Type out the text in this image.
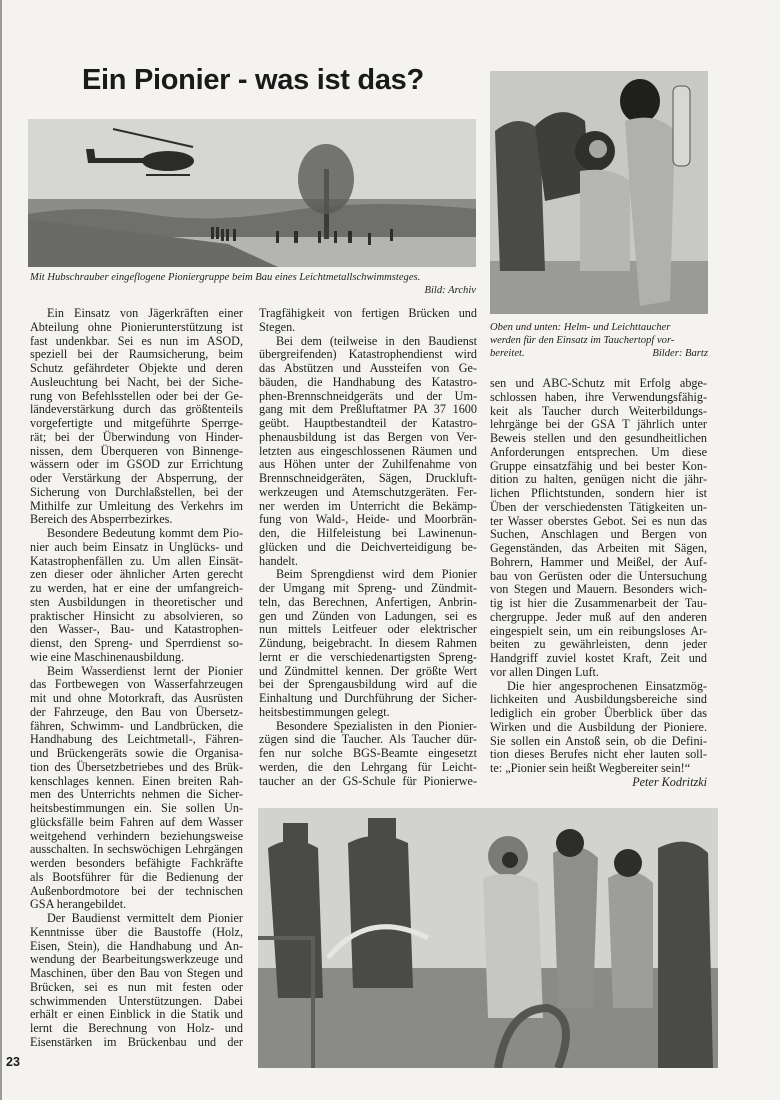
Ein Pionier - was ist das?
Mit Hubschrauber eingeflogene Pioniergruppe beim Bau eines Leichtmetallschwimmsteges.
Bild: Archiv
Oben und unten: Helm- und Leichttaucher
werden für den Einsatz im Tauchertopf vor-
bereitet.	Bilder: Bartz
Ein Einsatz von Jägerkräften einer
Abteilung ohne Pionierunterstützung ist
fast undenkbar. Sei es nun im ASOD,
speziell bei der Raumsicherung, beim
Schutz gefährdeter Objekte und deren
Ausleuchtung bei Nacht, bei der Siche-
rung von Befehlsstellen oder bei der Ge-
ländeverstärkung durch das größtenteils
vorgefertigte und mitgeführte Sperrge-
rät; bei der Überwindung von Hinder-
nissen, dem Überqueren von Binnenge-
wässern oder im GSOD zur Errichtung
oder Verstärkung der Absperrung, der
Sicherung von Durchlaßstellen, bei der
Mithilfe zur Umleitung des Verkehrs im
Bereich des Absperrbezirkes.
Besondere Bedeutung kommt dem Pio-
nier auch beim Einsatz in Unglücks- und
Katastrophenfällen zu. Um allen Einsät-
zen dieser oder ähnlicher Arten gerecht
zu werden, hat er eine der umfangreich-
sten Ausbildungen in theoretischer und
praktischer Hinsicht zu absolvieren, so
den Wasser-, Bau- und Katastrophen-
dienst, den Spreng- und Sperrdienst so-
wie eine Maschinenausbildung.
Beim Wasserdienst lernt der Pionier
das Fortbewegen von Wasserfahrzeugen
mit und ohne Motorkraft, das Ausrüsten
der Fahrzeuge, den Bau von Übersetz-
fähren, Schwimm- und Landbrücken, die
Handhabung des Leichtmetall-, Fähren-
und Brückengeräts sowie die Organisa-
tion des Übersetzbetriebes und des Brük-
kenschlages kennen. Einen breiten Rah-
men des Unterrichts nehmen die Sicher-
heitsbestimmungen ein. Sie sollen Un-
glücksfälle beim Fahren auf dem Wasser
weitgehend verhindern beziehungsweise
ausschalten. In sechswöchigen Lehrgängen
werden besonders befähigte Fachkräfte
als Bootsführer für die Bedienung der
Außenbordmotore bei der technischen
GSA herangebildet.
Der Baudienst vermittelt dem Pionier
Kenntnisse über die Baustoffe (Holz,
Eisen, Stein), die Handhabung und An-
wendung der Bearbeitungswerkzeuge und
Maschinen, über den Bau von Stegen und
Brücken, sei es nun mit festen oder
schwimmenden Unterstützungen. Dabei
erhält er einen Einblick in die Statik und
lernt die Berechnung von Holz- und
Eisenstärken im Brückenbau und der
Tragfähigkeit von fertigen Brücken und
Stegen.
Bei dem (teilweise in den Baudienst
übergreifenden) Katastrophendienst wird
das Abstützen und Aussteifen von Ge-
bäuden, die Handhabung des Katastro-
phen-Brennschneidgeräts und der Um-
gang mit dem Preßluftatmer PA 37 1600
geübt. Hauptbestandteil der Katastro-
phenausbildung ist das Bergen von Ver-
letzten aus eingeschlossenen Räumen und
aus Höhen unter der Zuhilfenahme von
Brennschneidgeräten, Sägen, Druckluft-
werkzeugen und Atemschutzgeräten. Fer-
ner werden im Unterricht die Bekämp-
fung von Wald-, Heide- und Moorbrän-
den, die Hilfeleistung bei Lawinenun-
glücken und die Deichverteidigung be-
handelt.
Beim Sprengdienst wird dem Pionier
der Umgang mit Spreng- und Zündmit-
teln, das Berechnen, Anfertigen, Anbrin-
gen und Zünden von Ladungen, sei es
nun mittels Leitfeuer oder elektrischer
Zündung, beigebracht. In diesem Rahmen
lernt er die verschiedenartigsten Spreng-
und Zündmittel kennen. Der größte Wert
bei der Sprengausbildung wird auf die
Einhaltung und Durchführung der Sicher-
heitsbestimmungen gelegt.
Besondere Spezialisten in den Pionier-
zügen sind die Taucher. Als Taucher dür-
fen nur solche BGS-Beamte eingesetzt
werden, die den Lehrgang für Leicht-
taucher an der GS-Schule für Pionierwe-
sen und ABC-Schutz mit Erfolg abge-
schlossen haben, ihre Verwendungsfähig-
keit als Taucher durch Weiterbildungs-
lehrgänge bei der GSA T jährlich unter
Beweis stellen und den gesundheitlichen
Anforderungen entsprechen. Um diese
Gruppe einsatzfähig und bei bester Kon-
dition zu halten, genügen nicht die jähr-
lichen Pflichtstunden, sondern hier ist
Üben der verschiedensten Tätigkeiten un-
ter Wasser oberstes Gebot. Sei es nun das
Suchen, Anschlagen und Bergen von
Gegenständen, das Arbeiten mit Sägen,
Bohrern, Hammer und Meißel, der Auf-
bau von Gerüsten oder die Untersuchung
von Stegen und Mauern. Besonders wich-
tig ist hier die Zusammenarbeit der Tau-
chergruppe. Jeder muß auf den anderen
eingespielt sein, um ein reibungsloses Ar-
beiten zu gewährleisten, denn jeder
Handgriff zuviel kostet Kraft, Zeit und
vor allen Dingen Luft.
Die hier angesprochenen Einsatzmög-
lichkeiten und Ausbildungsbereiche sind
lediglich ein grober Überblick über das
Wirken und die Ausbildung der Pioniere.
Sie sollen ein Anstoß sein, ob die Defini-
tion dieses Berufes nicht eher lauten soll-
te: „Pionier sein heißt Wegbereiter sein!“
Peter Kodritzki
23
